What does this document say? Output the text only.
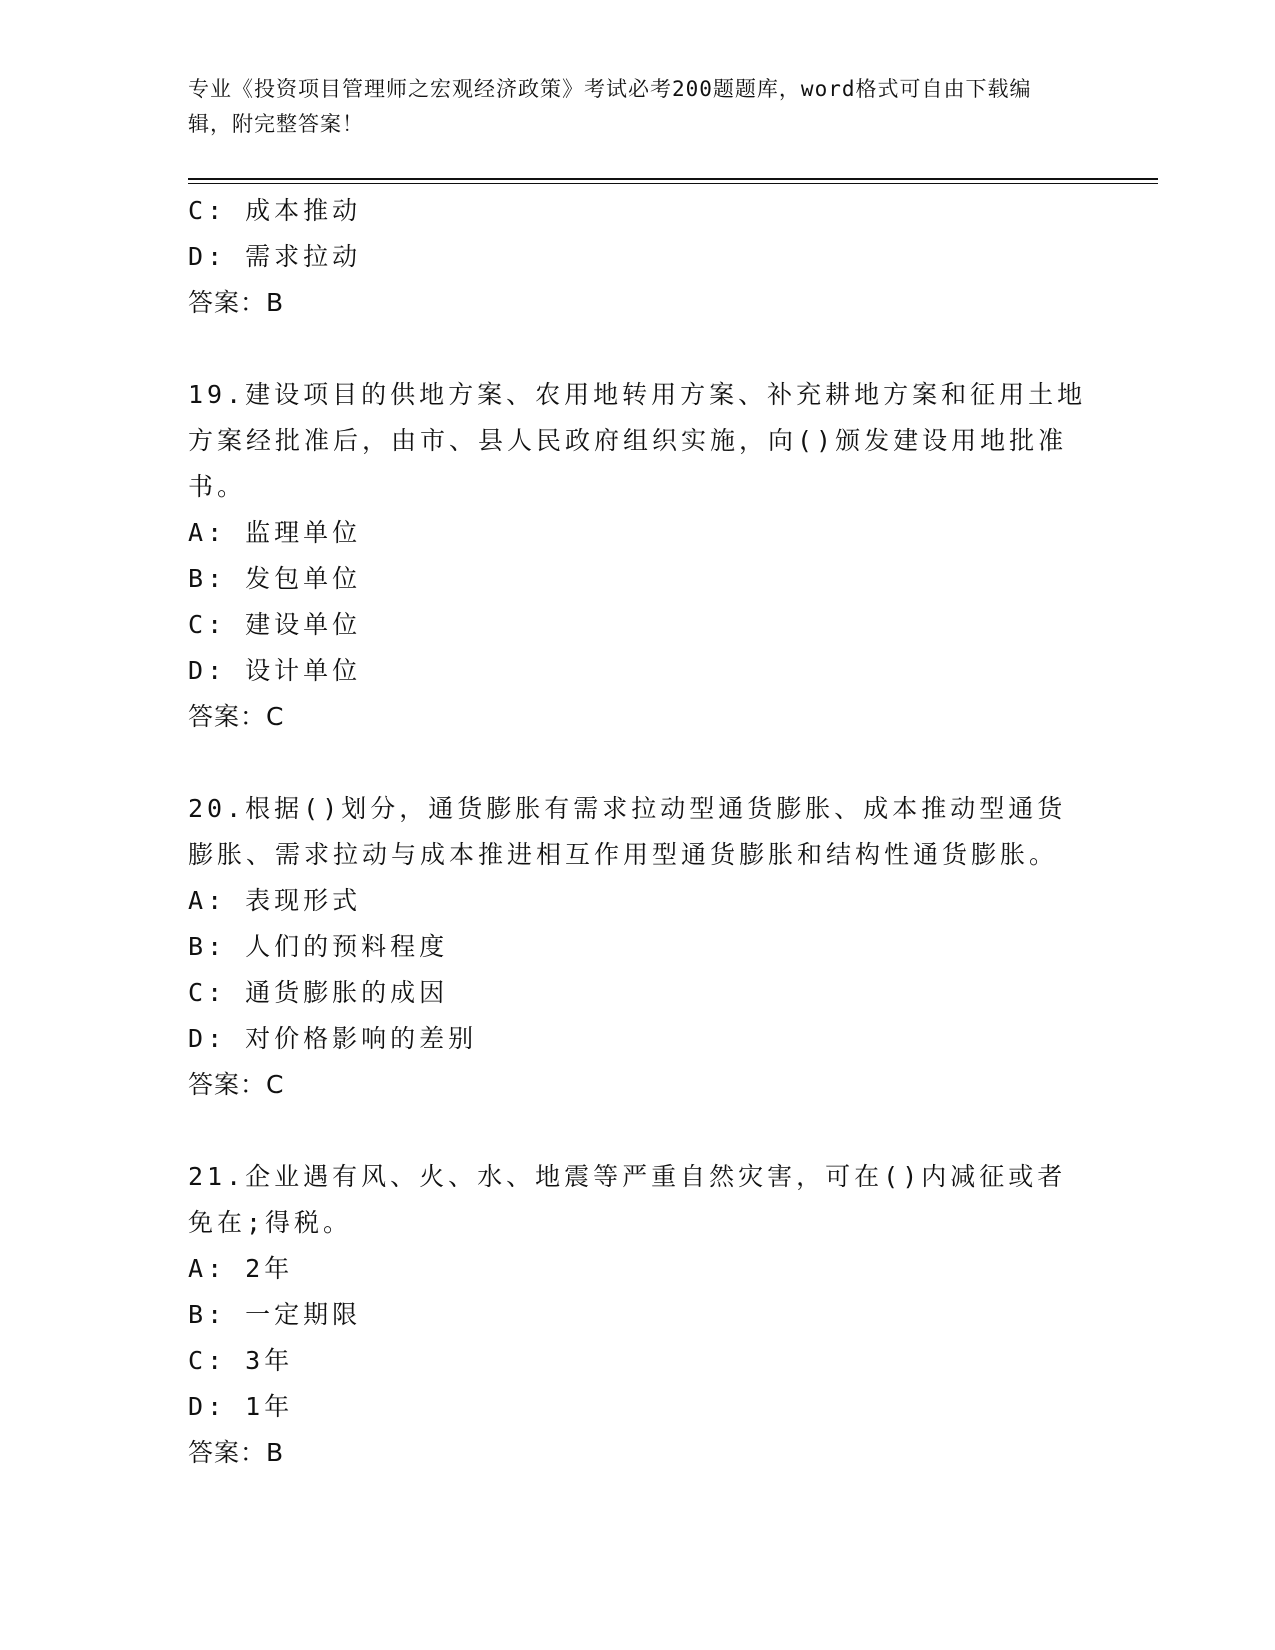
专业《投资项目管理师之宏观经济政策》考试必考200题题库，word格式可自由下载编辑，附完整答案！
C: 成本推动
D: 需求拉动
答案：B
19.建设项目的供地方案、农用地转用方案、补充耕地方案和征用土地方案经批准后，由市、县人民政府组织实施，向()颁发建设用地批准书。
A: 监理单位
B: 发包单位
C: 建设单位
D: 设计单位
答案：C
20.根据()划分，通货膨胀有需求拉动型通货膨胀、成本推动型通货膨胀、需求拉动与成本推进相互作用型通货膨胀和结构性通货膨胀。
A: 表现形式
B: 人们的预料程度
C: 通货膨胀的成因
D: 对价格影响的差别
答案：C
21.企业遇有风、火、水、地震等严重自然灾害，可在()内减征或者免在;得税。
A: 2年
B: 一定期限
C: 3年
D: 1年
答案：B
